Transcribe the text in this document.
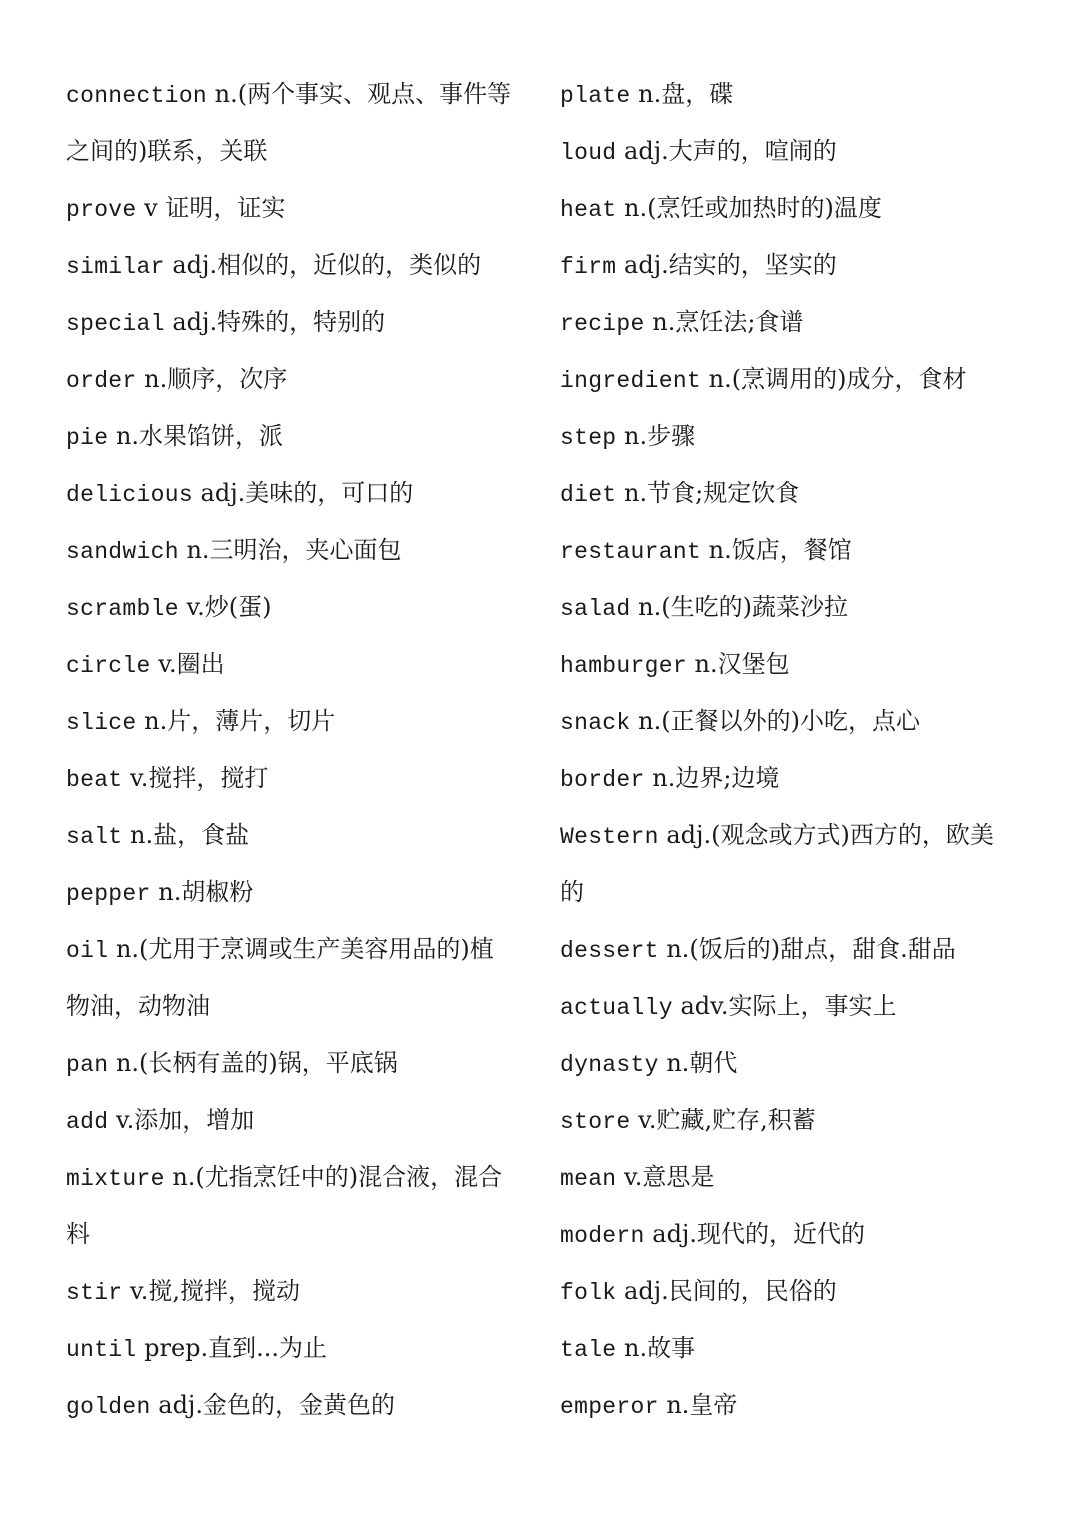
connection n.(两个事实、观点、事件等
之间的)联系，关联
prove v 证明，证实
similar adj.相似的，近似的，类似的
special adj.特殊的，特别的
order n.顺序，次序
pie n.水果馅饼，派
delicious adj.美味的，可口的
sandwich n.三明治，夹心面包
scramble v.炒(蛋)
circle v.圈出
slice n.片，薄片，切片
beat v.搅拌，搅打
salt n.盐，食盐
pepper n.胡椒粉
oil n.(尤用于烹调或生产美容用品的)植
物油，动物油
pan n.(长柄有盖的)锅，平底锅
add v.添加，增加
mixture n.(尤指烹饪中的)混合液，混合
料
stir v.搅,搅拌，搅动
until prep.直到...为止
golden adj.金色的，金黄色的
plate n.盘，碟
loud adj.大声的，喧闹的
heat n.(烹饪或加热时的)温度
firm adj.结实的，坚实的
recipe n.烹饪法;食谱
ingredient n.(烹调用的)成分，食材
step n.步骤
diet n.节食;规定饮食
restaurant n.饭店，餐馆
salad n.(生吃的)蔬菜沙拉
hamburger n.汉堡包
snack n.(正餐以外的)小吃，点心
border n.边界;边境
Western adj.(观念或方式)西方的，欧美
的
dessert n.(饭后的)甜点，甜食.甜品
actually adv.实际上，事实上
dynasty n.朝代
store v.贮藏,贮存,积蓄
mean v.意思是
modern adj.现代的，近代的
folk adj.民间的，民俗的
tale n.故事
emperor n.皇帝
